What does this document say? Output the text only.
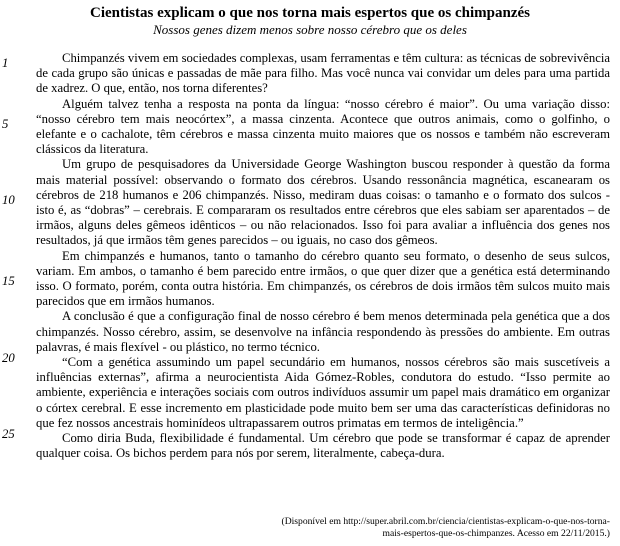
Cientistas explicam o que nos torna mais espertos que os chimpanzés
Nossos genes dizem menos sobre nosso cérebro que os deles
1
5
10
15
20
25

Chimpanzés vivem em sociedades complexas, usam ferramentas e têm cultura: as técnicas de sobrevivência de cada grupo são únicas e passadas de mãe para filho. Mas você nunca vai convidar um deles para uma partida de xadrez. O que, então, nos torna diferentes?

Alguém talvez tenha a resposta na ponta da língua: “nosso cérebro é maior”. Ou uma variação disso: “nosso cérebro tem mais neocórtex”, a massa cinzenta. Acontece que outros animais, como o golfinho, o elefante e o cachalote, têm cérebros e massa cinzenta muito maiores que os nossos e também não escreveram clássicos da literatura.

Um grupo de pesquisadores da Universidade George Washington buscou responder à questão da forma mais material possível: observando o formato dos cérebros. Usando ressonância magnética, escanearam os cérebros de 218 humanos e 206 chimpanzés. Nisso, mediram duas coisas: o tamanho e o formato dos sulcos - isto é, as “dobras” – cerebrais. E compararam os resultados entre cérebros que eles sabiam ser aparentados – de irmãos, alguns deles gêmeos idênticos – ou não relacionados. Isso foi para avaliar a influência dos genes nos resultados, já que irmãos têm genes parecidos – ou iguais, no caso dos gêmeos.

Em chimpanzés e humanos, tanto o tamanho do cérebro quanto seu formato, o desenho de seus sulcos, variam. Em ambos, o tamanho é bem parecido entre irmãos, o que quer dizer que a genética está determinando isso. O formato, porém, conta outra história. Em chimpanzés, os cérebros de dois irmãos têm sulcos muito mais parecidos que em irmãos humanos.

A conclusão é que a configuração final de nosso cérebro é bem menos determinada pela genética que a dos chimpanzés. Nosso cérebro, assim, se desenvolve na infância respondendo às pressões do ambiente. Em outras palavras, é mais flexível - ou plástico, no termo técnico.

“Com a genética assumindo um papel secundário em humanos, nossos cérebros são mais suscetíveis a influências externas”, afirma a neurocientista Aida Gómez-Robles, condutora do estudo. “Isso permite ao ambiente, experiência e interações sociais com outros indivíduos assumir um papel mais dramático em organizar o córtex cerebral. E esse incremento em plasticidade pode muito bem ser uma das características definidoras no que fez nossos ancestrais hominídeos ultrapassarem outros primatas em termos de inteligência.”

Como diria Buda, flexibilidade é fundamental. Um cérebro que pode se transformar é capaz de aprender qualquer coisa. Os bichos perdem para nós por serem, literalmente, cabeça-dura.

(Disponível em http://super.abril.com.br/ciencia/cientistas-explicam-o-que-nos-torna-
mais-espertos-que-os-chimpanzes. Acesso em 22/11/2015.)
